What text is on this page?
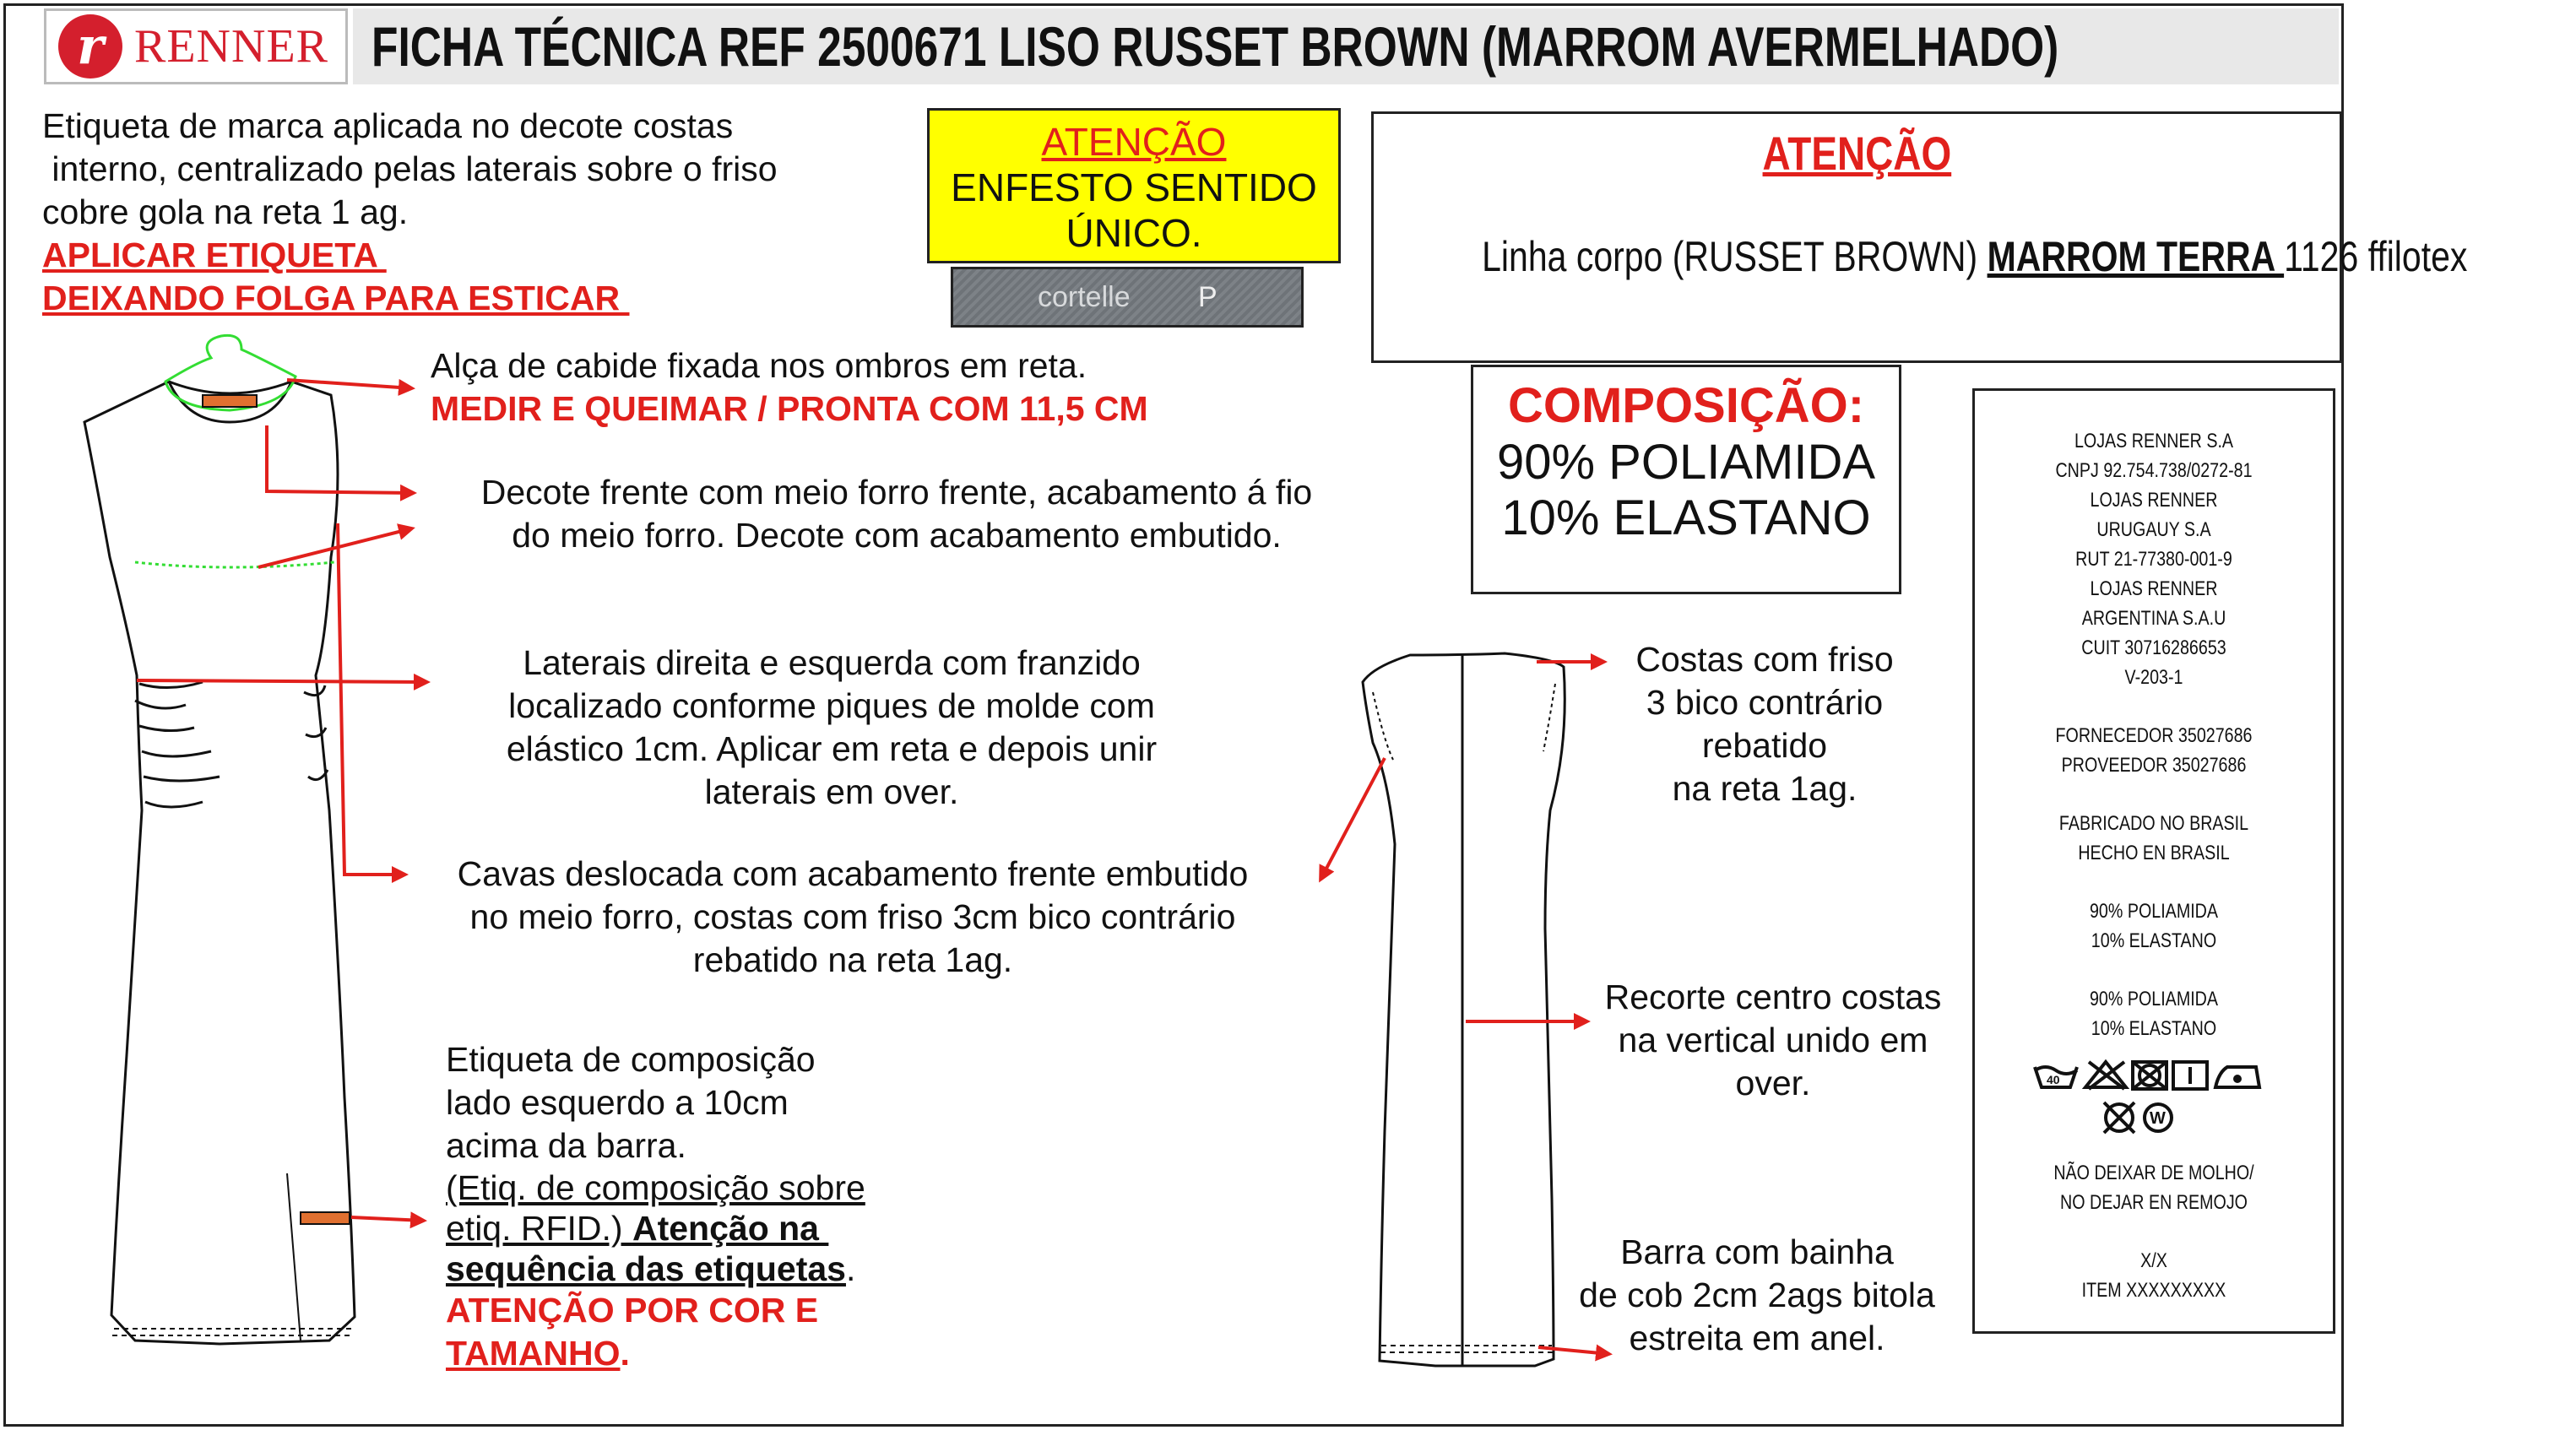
r RENNER FICHA TÉCNICA REF 2500671 LISO RUSSET BROWN (MARROM AVERMELHADO)
Etiqueta de marca aplicada no decote costas
interno, centralizado pelas laterais sobre o friso
cobre gola na reta 1 ag.
APLICAR ETIQUETA
DEIXANDO FOLGA PARA ESTICAR
ATENÇÃO
ENFESTO SENTIDO
ÚNICO.
cortelle P
ATENÇÃO
Linha corpo (RUSSET BROWN) MARROM TERRA 1126 ffilotex
COMPOSIÇÃO:
90% POLIAMIDA
10% ELASTANO
LOJAS RENNER S.A
CNPJ 92.754.738/0272-81
LOJAS RENNER
URUGAUY S.A
RUT 21-77380-001-9
LOJAS RENNER
ARGENTINA S.A.U
CUIT 30716286653
V-203-1
FORNECEDOR 35027686
PROVEEDOR 35027686
FABRICADO NO BRASIL
HECHO EN BRASIL
90% POLIAMIDA
10% ELASTANO
90% POLIAMIDA
10% ELASTANO
40
W
NÃO DEIXAR DE MOLHO/
NO DEJAR EN REMOJO
X/X
ITEM XXXXXXXXX
Alça de cabide fixada nos ombros em reta.
MEDIR E QUEIMAR / PRONTA COM 11,5 CM
Decote frente com meio forro frente, acabamento á fio
do meio forro. Decote com acabamento embutido.
Laterais direita e esquerda com franzido
localizado conforme piques de molde com
elástico 1cm. Aplicar em reta e depois unir
laterais em over.
Cavas deslocada com acabamento frente embutido
no meio forro, costas com friso 3cm bico contrário
rebatido na reta 1ag.
Etiqueta de composição
lado esquerdo a 10cm
acima da barra.
(Etiq. de composição sobre
etiq. RFID.) Atenção na
sequência das etiquetas.
ATENÇÃO POR COR E
TAMANHO.
Costas com friso
3 bico contrário
rebatido
na reta 1ag.
Recorte centro costas
na vertical unido em
over.
Barra com bainha
de cob 2cm 2ags bitola
estreita em anel.
